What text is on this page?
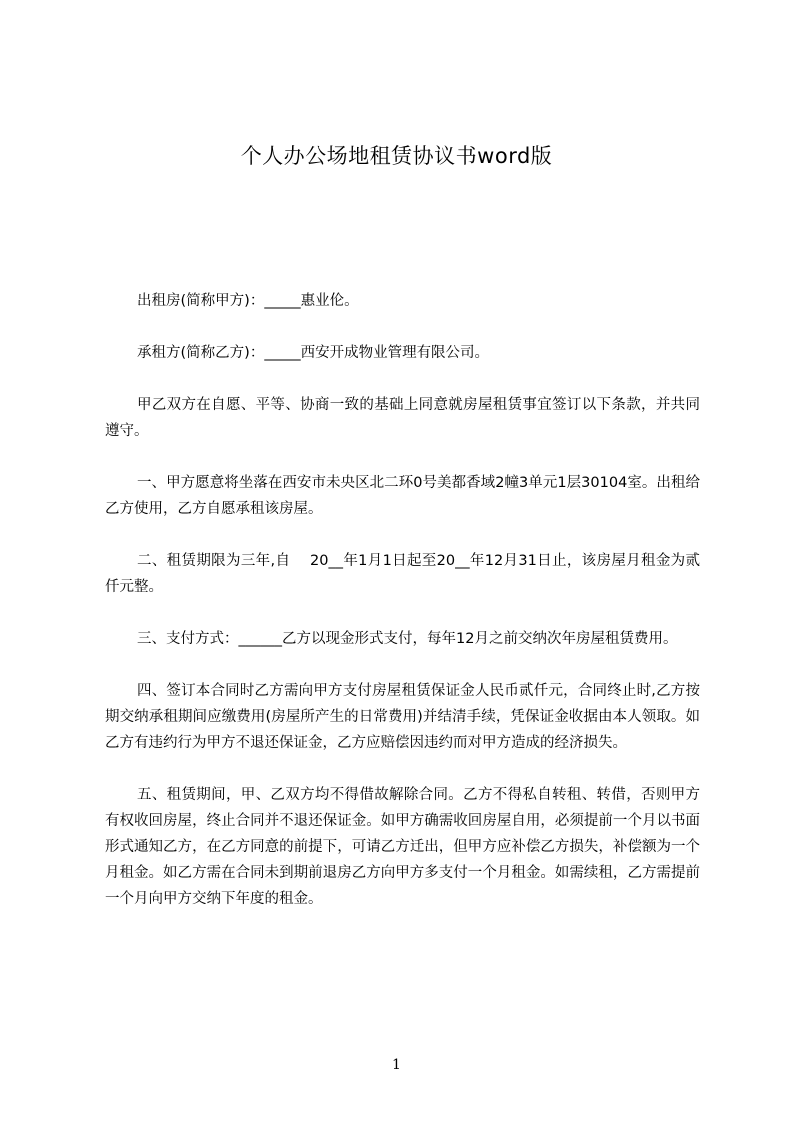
个人办公场地租赁协议书word版

出租房(简称甲方)：_____惠业伦。

承租方(简称乙方)：_____西安开成物业管理有限公司。

甲乙双方在自愿、平等、协商一致的基础上同意就房屋租赁事宜签订以下条款，并共同遵守。

一、甲方愿意将坐落在西安市未央区北二环0号美都香域2幢3单元1层30104室。出租给乙方使用，乙方自愿承租该房屋。

二、租赁期限为三年,自　 20__年1月1日起至20__年12月31日止，该房屋月租金为贰仟元整。

三、支付方式：______乙方以现金形式支付，每年12月之前交纳次年房屋租赁费用。

四、签订本合同时乙方需向甲方支付房屋租赁保证金人民币贰仟元，合同终止时,乙方按期交纳承租期间应缴费用(房屋所产生的日常费用)并结清手续，凭保证金收据由本人领取。如乙方有违约行为甲方不退还保证金，乙方应赔偿因违约而对甲方造成的经济损失。

五、租赁期间，甲、乙双方均不得借故解除合同。乙方不得私自转租、转借，否则甲方有权收回房屋，终止合同并不退还保证金。如甲方确需收回房屋自用，必须提前一个月以书面形式通知乙方，在乙方同意的前提下，可请乙方迁出，但甲方应补偿乙方损失，补偿额为一个月租金。如乙方需在合同未到期前退房乙方向甲方多支付一个月租金。如需续租，乙方需提前一个月向甲方交纳下年度的租金。

1
